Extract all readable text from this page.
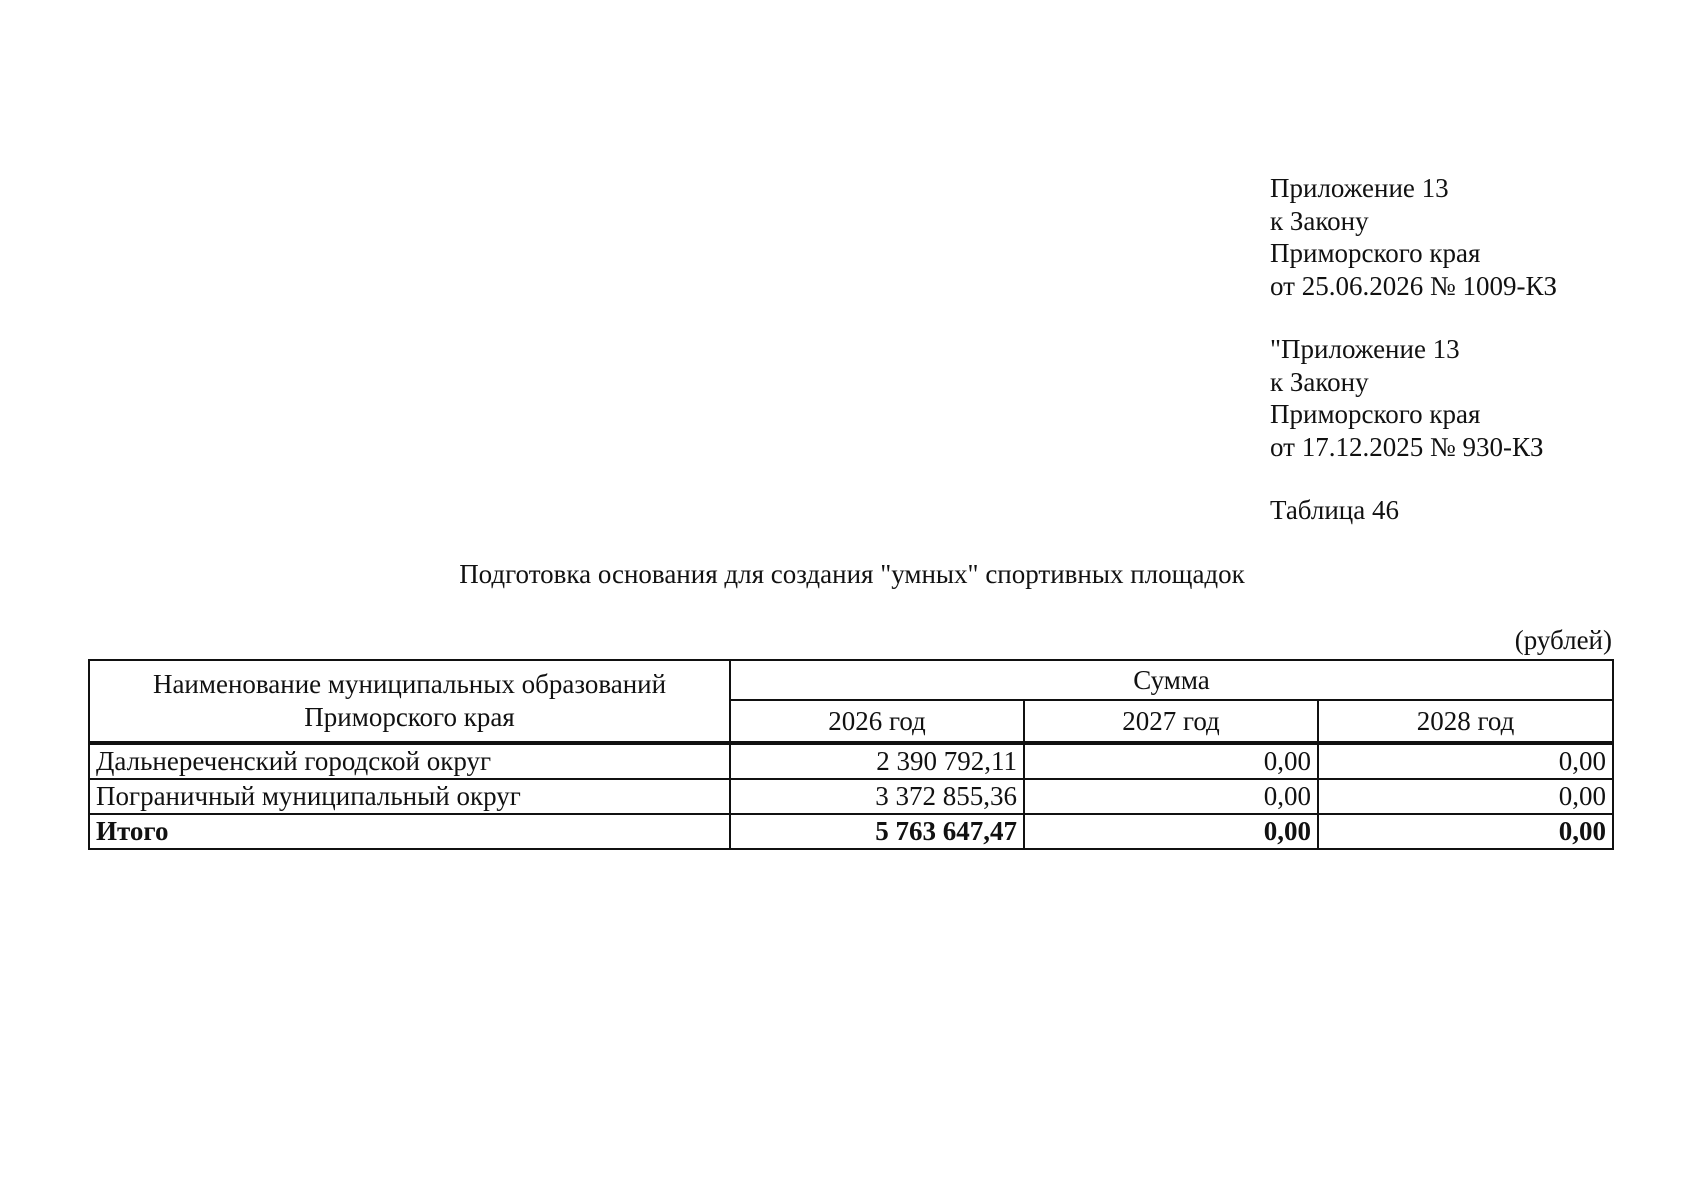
Приложение 13
к Закону
Приморского края
от 25.06.2026 № 1009-КЗ
"Приложение 13
к Закону
Приморского края
от 17.12.2025 № 930-КЗ
Таблица 46
Подготовка основания для создания "умных" спортивных площадок
(рублей)
Наименование муниципальных образований
Приморского края	Сумма		
	2026 год	2027 год	2028 год
Дальнереченский городской округ	2 390 792,11	0,00	0,00
Пограничный муниципальный округ	3 372 855,36	0,00	0,00
Итого	5 763 647,47	0,00	0,00
